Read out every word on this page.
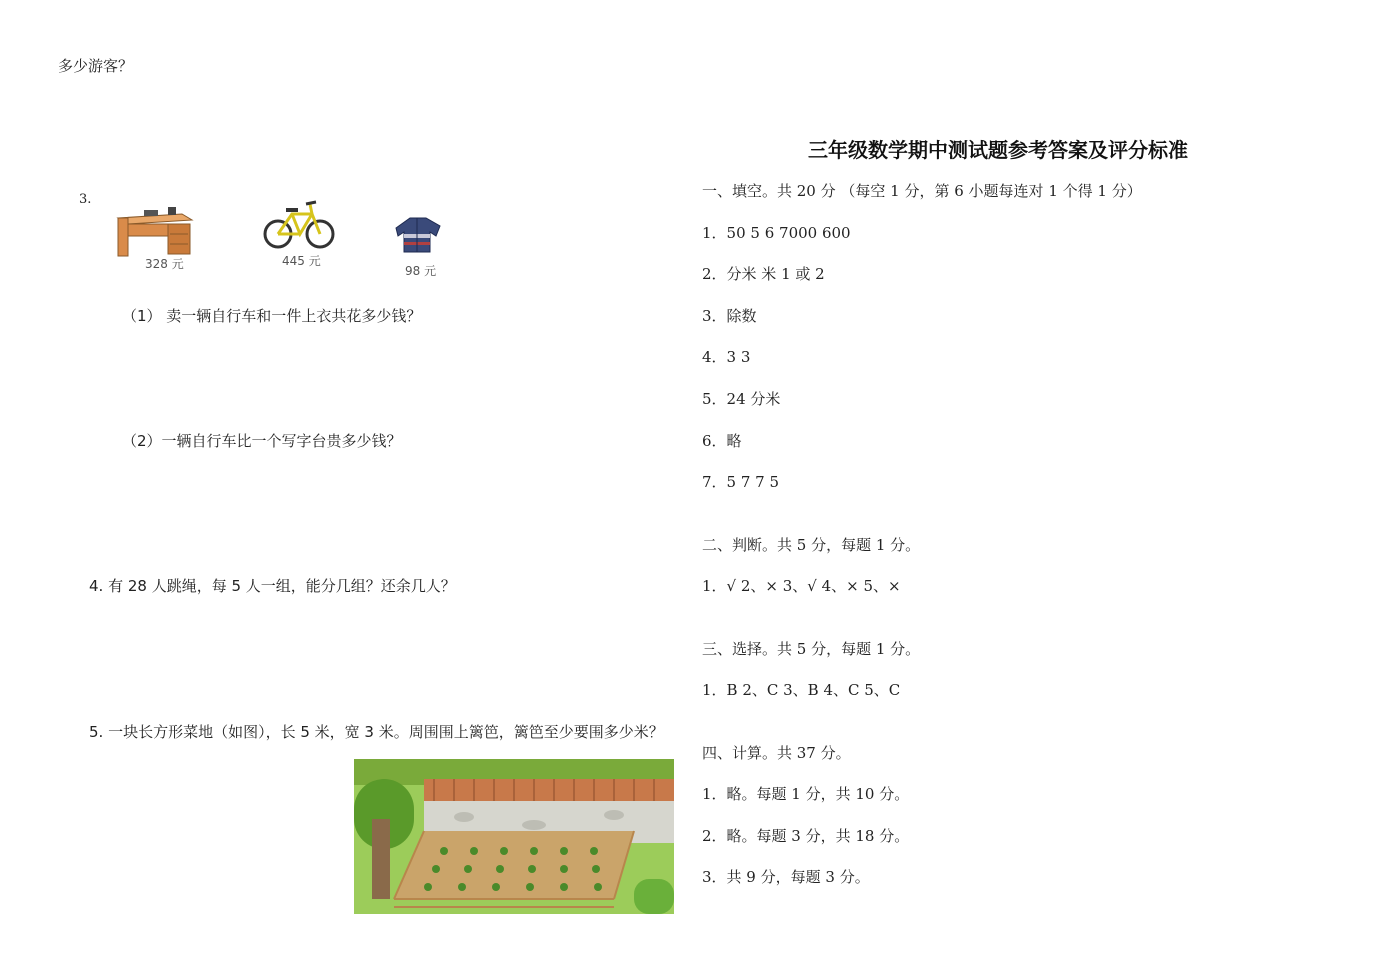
多少游客？
3.
328 元	445 元
98 元
（1） 卖一辆自行车和一件上衣共花多少钱？
（2）一辆自行车比一个写字台贵多少钱？
4. 有 28 人跳绳，每 5 人一组，能分几组？还余几人？
5. 一块长方形菜地（如图），长 5 米，宽 3 米。周围围上篱笆，篱笆至少要围多少米？
三年级数学期中测试题参考答案及评分标准
一、填空。共 20 分 （每空 1 分，第 6 小题每连对 1 个得 1 分）
1．50 5 6 7000 600
2．分米 米 1 或 2
3．除数
4．3 3
5．24 分米
6．略
7．5 7 7 5
二、判断。共 5 分，每题 1 分。
1．√ 2、× 3、√ 4、× 5、×
三、选择。共 5 分，每题 1 分。
1．B 2、C 3、B 4、C 5、C
四、计算。共 37 分。
1．略。每题 1 分，共 10 分。
2．略。每题 3 分，共 18 分。
3．共 9 分，每题 3 分。
